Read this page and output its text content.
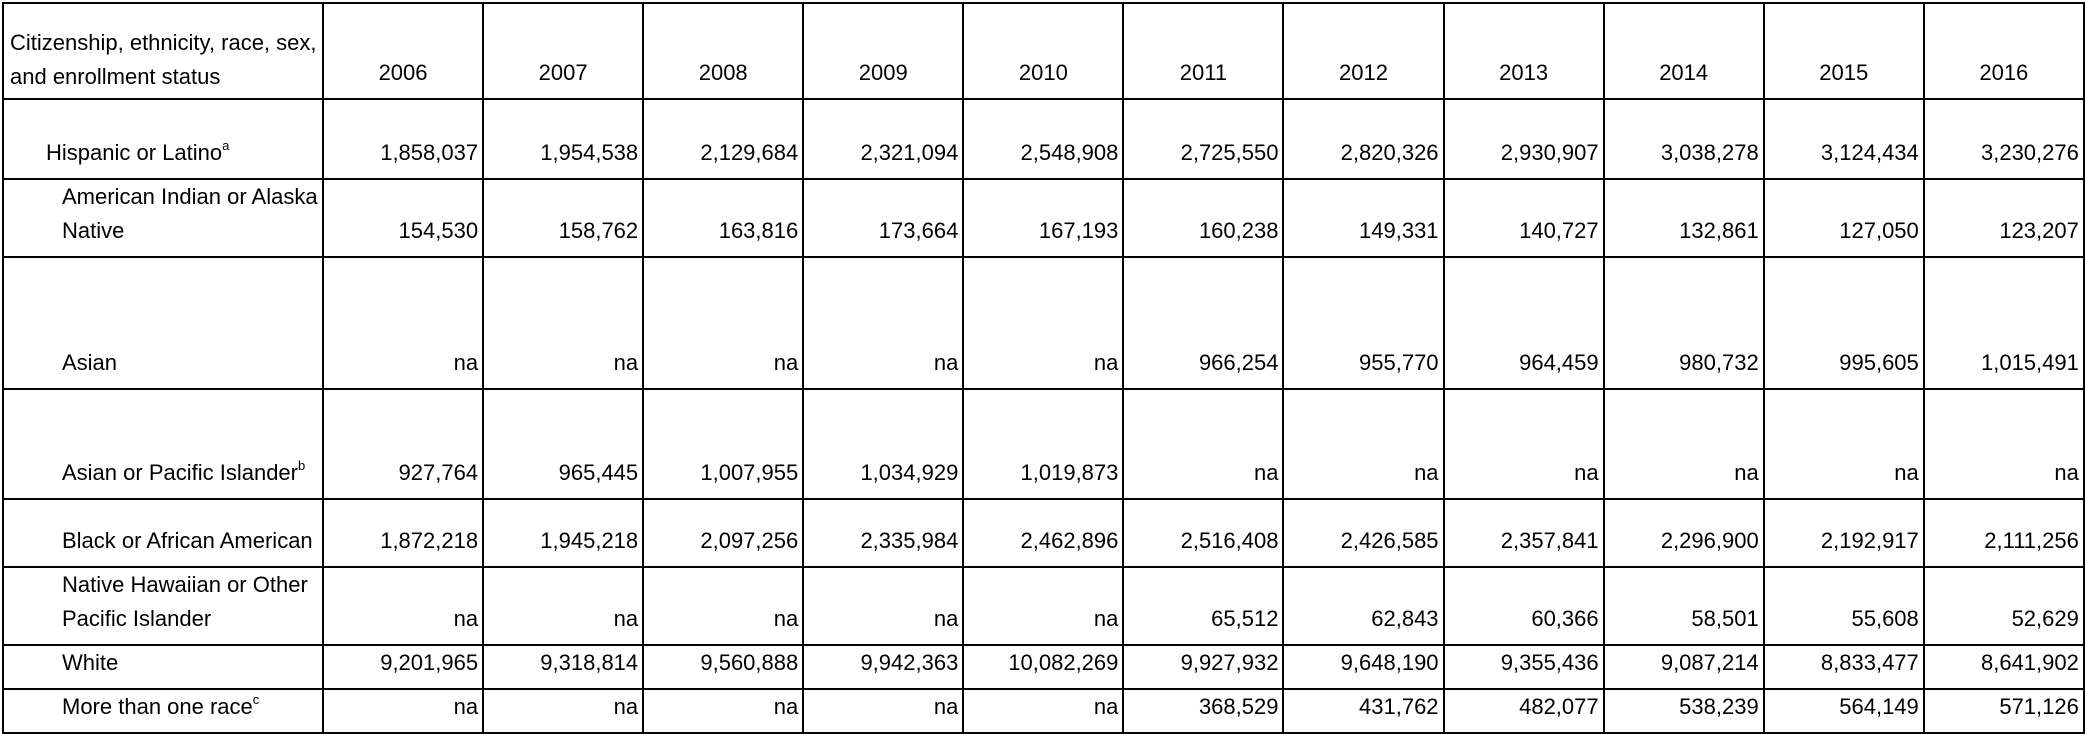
Citizenship, ethnicity, race, sex, and enrollment status	2006	2007	2008	2009	2010	2011	2012	2013	2014	2015	2016
Hispanic or Latino$^a$	1,858,037	1,954,538	2,129,684	2,321,094	2,548,908	2,725,550	2,820,326	2,930,907	3,038,278	3,124,434	3,230,276
American Indian or Alaska Native	154,530	158,762	163,816	173,664	167,193	160,238	149,331	140,727	132,861	127,050	123,207
Asian	na	na	na	na	na	966,254	955,770	964,459	980,732	995,605	1,015,491
Asian or Pacific Islander$^b$	927,764	965,445	1,007,955	1,034,929	1,019,873	na	na	na	na	na	na
Black or African American	1,872,218	1,945,218	2,097,256	2,335,984	2,462,896	2,516,408	2,426,585	2,357,841	2,296,900	2,192,917	2,111,256
Native Hawaiian or Other Pacific Islander	na	na	na	na	na	65,512	62,843	60,366	58,501	55,608	52,629
White	9,201,965	9,318,814	9,560,888	9,942,363	10,082,269	9,927,932	9,648,190	9,355,436	9,087,214	8,833,477	8,641,902
More than one race$^c$	na	na	na	na	na	368,529	431,762	482,077	538,239	564,149	571,126
